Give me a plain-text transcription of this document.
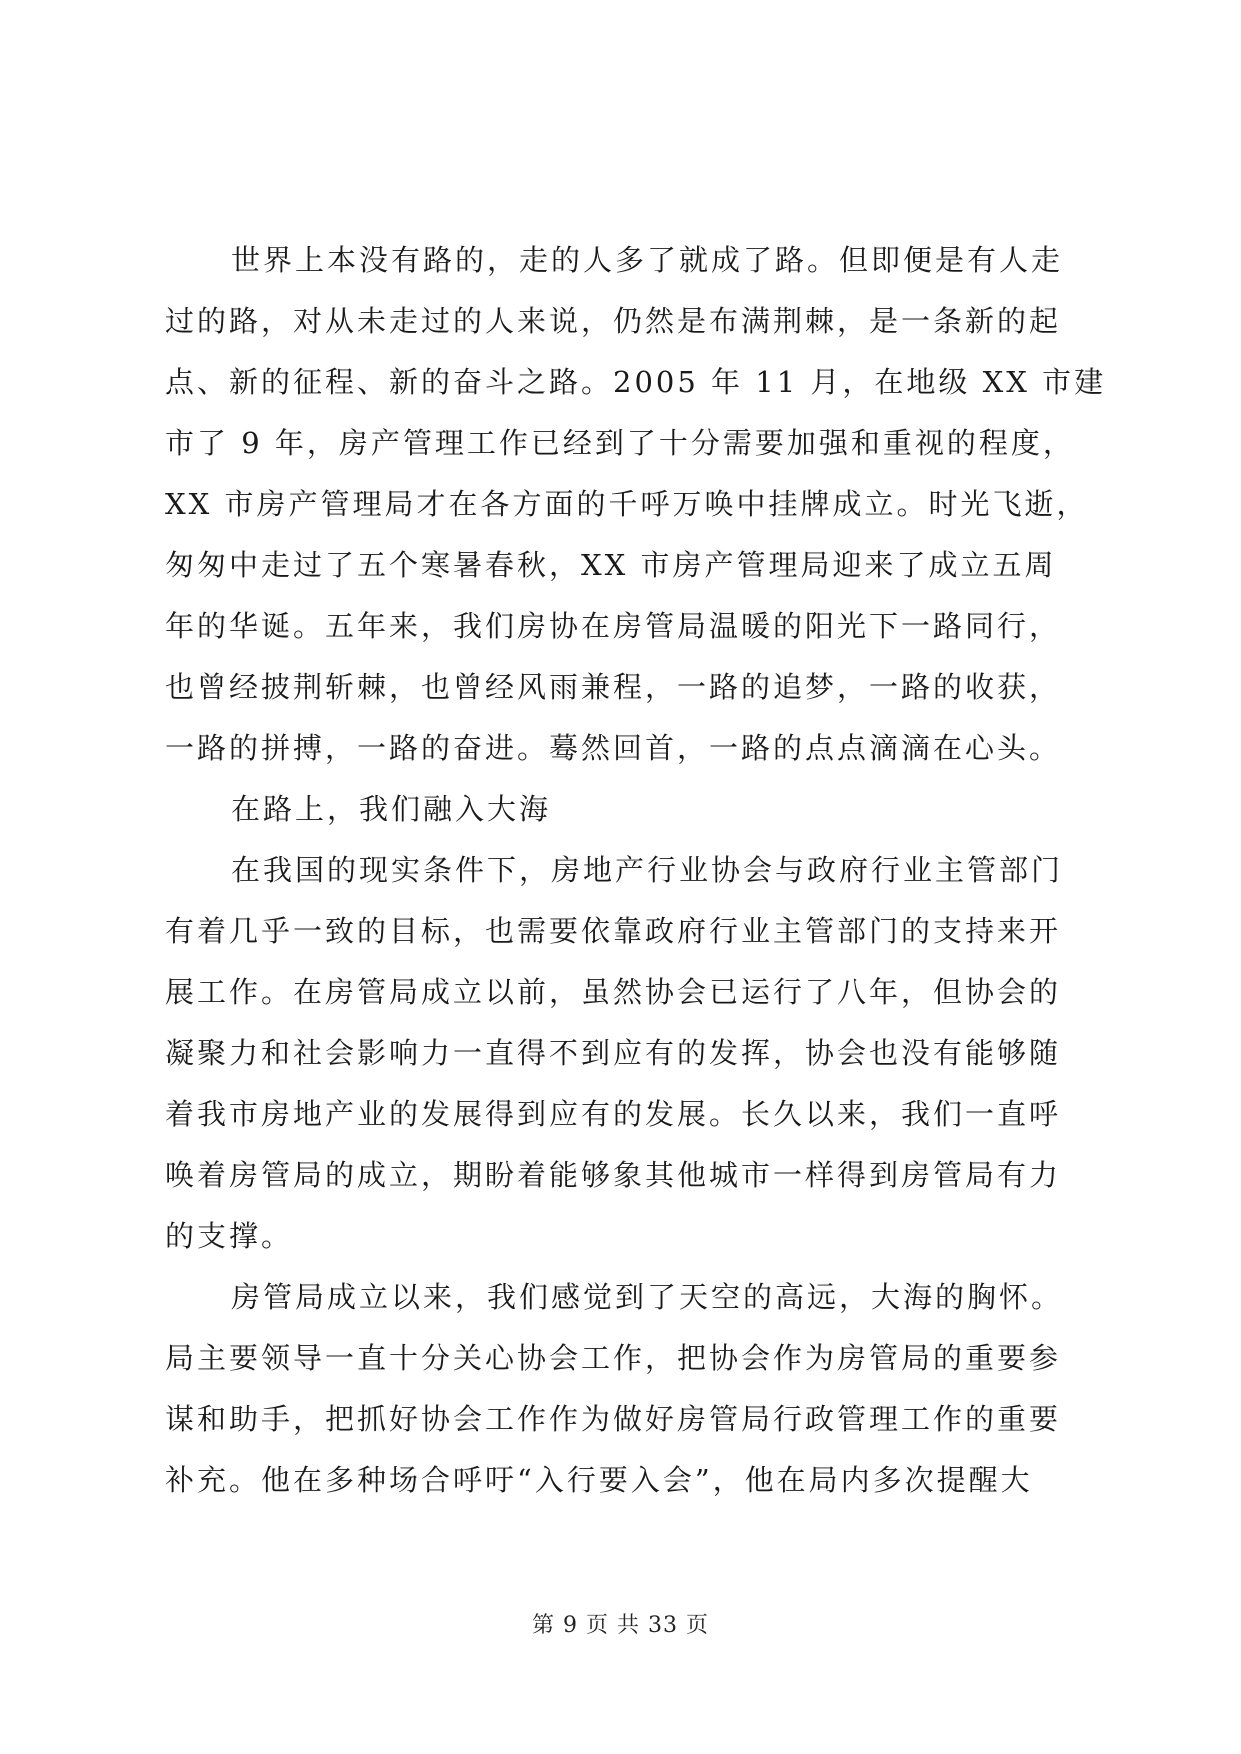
世界上本没有路的，走的人多了就成了路。但即便是有人走
过的路，对从未走过的人来说，仍然是布满荆棘，是一条新的起
点、新的征程、新的奋斗之路。2005 年 11 月，在地级 XX 市建
市了 9 年，房产管理工作已经到了十分需要加强和重视的程度，
XX 市房产管理局才在各方面的千呼万唤中挂牌成立。时光飞逝，
匆匆中走过了五个寒暑春秋，XX 市房产管理局迎来了成立五周
年的华诞。五年来，我们房协在房管局温暖的阳光下一路同行，
也曾经披荆斩棘，也曾经风雨兼程，一路的追梦，一路的收获，
一路的拼搏，一路的奋进。蓦然回首，一路的点点滴滴在心头。
在路上，我们融入大海
在我国的现实条件下，房地产行业协会与政府行业主管部门
有着几乎一致的目标，也需要依靠政府行业主管部门的支持来开
展工作。在房管局成立以前，虽然协会已运行了八年，但协会的
凝聚力和社会影响力一直得不到应有的发挥，协会也没有能够随
着我市房地产业的发展得到应有的发展。长久以来，我们一直呼
唤着房管局的成立，期盼着能够象其他城市一样得到房管局有力
的支撑。
房管局成立以来，我们感觉到了天空的高远，大海的胸怀。
局主要领导一直十分关心协会工作，把协会作为房管局的重要参
谋和助手，把抓好协会工作作为做好房管局行政管理工作的重要
补充。他在多种场合呼吁“入行要入会”，他在局内多次提醒大
第 9 页 共 33 页
